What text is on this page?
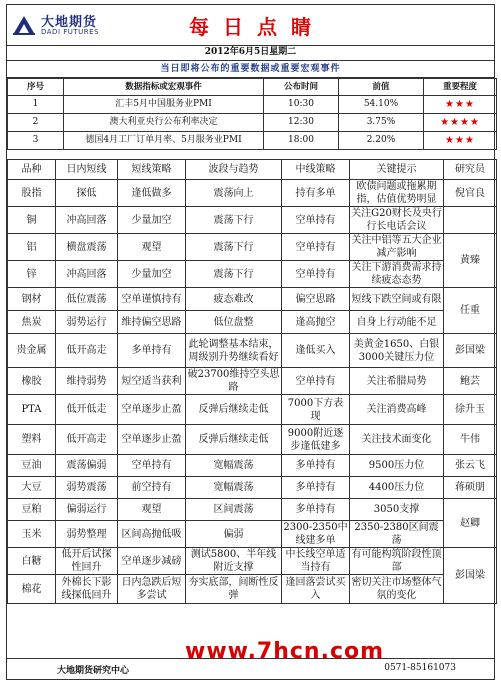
大地期货
DADI FUTURES	每日点睛
2012年6月5日星期二
当日即将公布的重要数据或重要宏观事件
序号	数据指标或宏观事件	公布时间	前值	重要程度
1	汇丰5月中国服务业PMI	10:30	54.10%	★★★
2	澳大利亚央行公布利率决定	12:30	3.75%	★★★★
3	德国4月工厂订单月率、5月服务业PMI	18:00	2.20%	★★★
品种	日内短线	短线策略	波段与趋势	中线策略	关键提示	研究员
股指	探低	逢低做多	震荡向上	持有多单	欧债问题或拖累期指，估值优势明显	倪官良
铜	冲高回落	少量加空	震荡下行	空单持有	关注G20财长及央行行长电话会议	
铝	横盘震荡	观望	震荡下行	空单持有	关注中铝等五大企业减产影响	黄臻
锌	冲高回落	少量加空	震荡下行	空单持有	关注下游消费需求持续疲态态势	
钢材	低位震荡	空单谨慎持有	疲态难改	偏空思路	短线下跌空间或有限	任重
焦炭	弱势运行	维持偏空思路	低位盘整	逢高抛空	自身上行动能不足	
贵金属	低开高走	多单持有	此轮调整基本结束，周级别升势继续看好	逢低买入	美黄金1650、白银3000关键压力位	彭国梁
橡胶	维持弱势	短空适当获利	破23700维持空头思路	空单持有	关注希腊局势	鲍芸
PTA	低开低走	空单逐步止盈	反弹后继续走低	7000下方表现	关注消费高峰	徐升玉
塑料	低开高走	空单逐步止盈	反弹后继续走低	9000附近逐步逢低建多	关注技术面变化	牛伟
豆油	震荡偏弱	空单持有	宽幅震荡	多单持有	9500压力位	张云飞
大豆	弱势震荡	前空持有	宽幅震荡	多单持有	4400压力位	蒋硕朋
豆粕	偏弱运行	观望	区间震荡	多单持有	3050支撑	赵卿
玉米	弱势整理	区间高抛低吸	偏弱	2300-2350中线建多单	2350-2380区间震荡	
白糖	低开后试探性回升	空单逐步减磅	测试5800、半年线附近支撑	中长线空单适当持有	有可能构筑阶段性顶部	彭国梁
棉花	外棉长下影线探低回升	日内急跌后短多尝试	夯实底部，间断性反弹	逢回落尝试买入	密切关注市场整体气氛的变化	
www.7hcn.com
大地期货研究中心	0571-85161073
